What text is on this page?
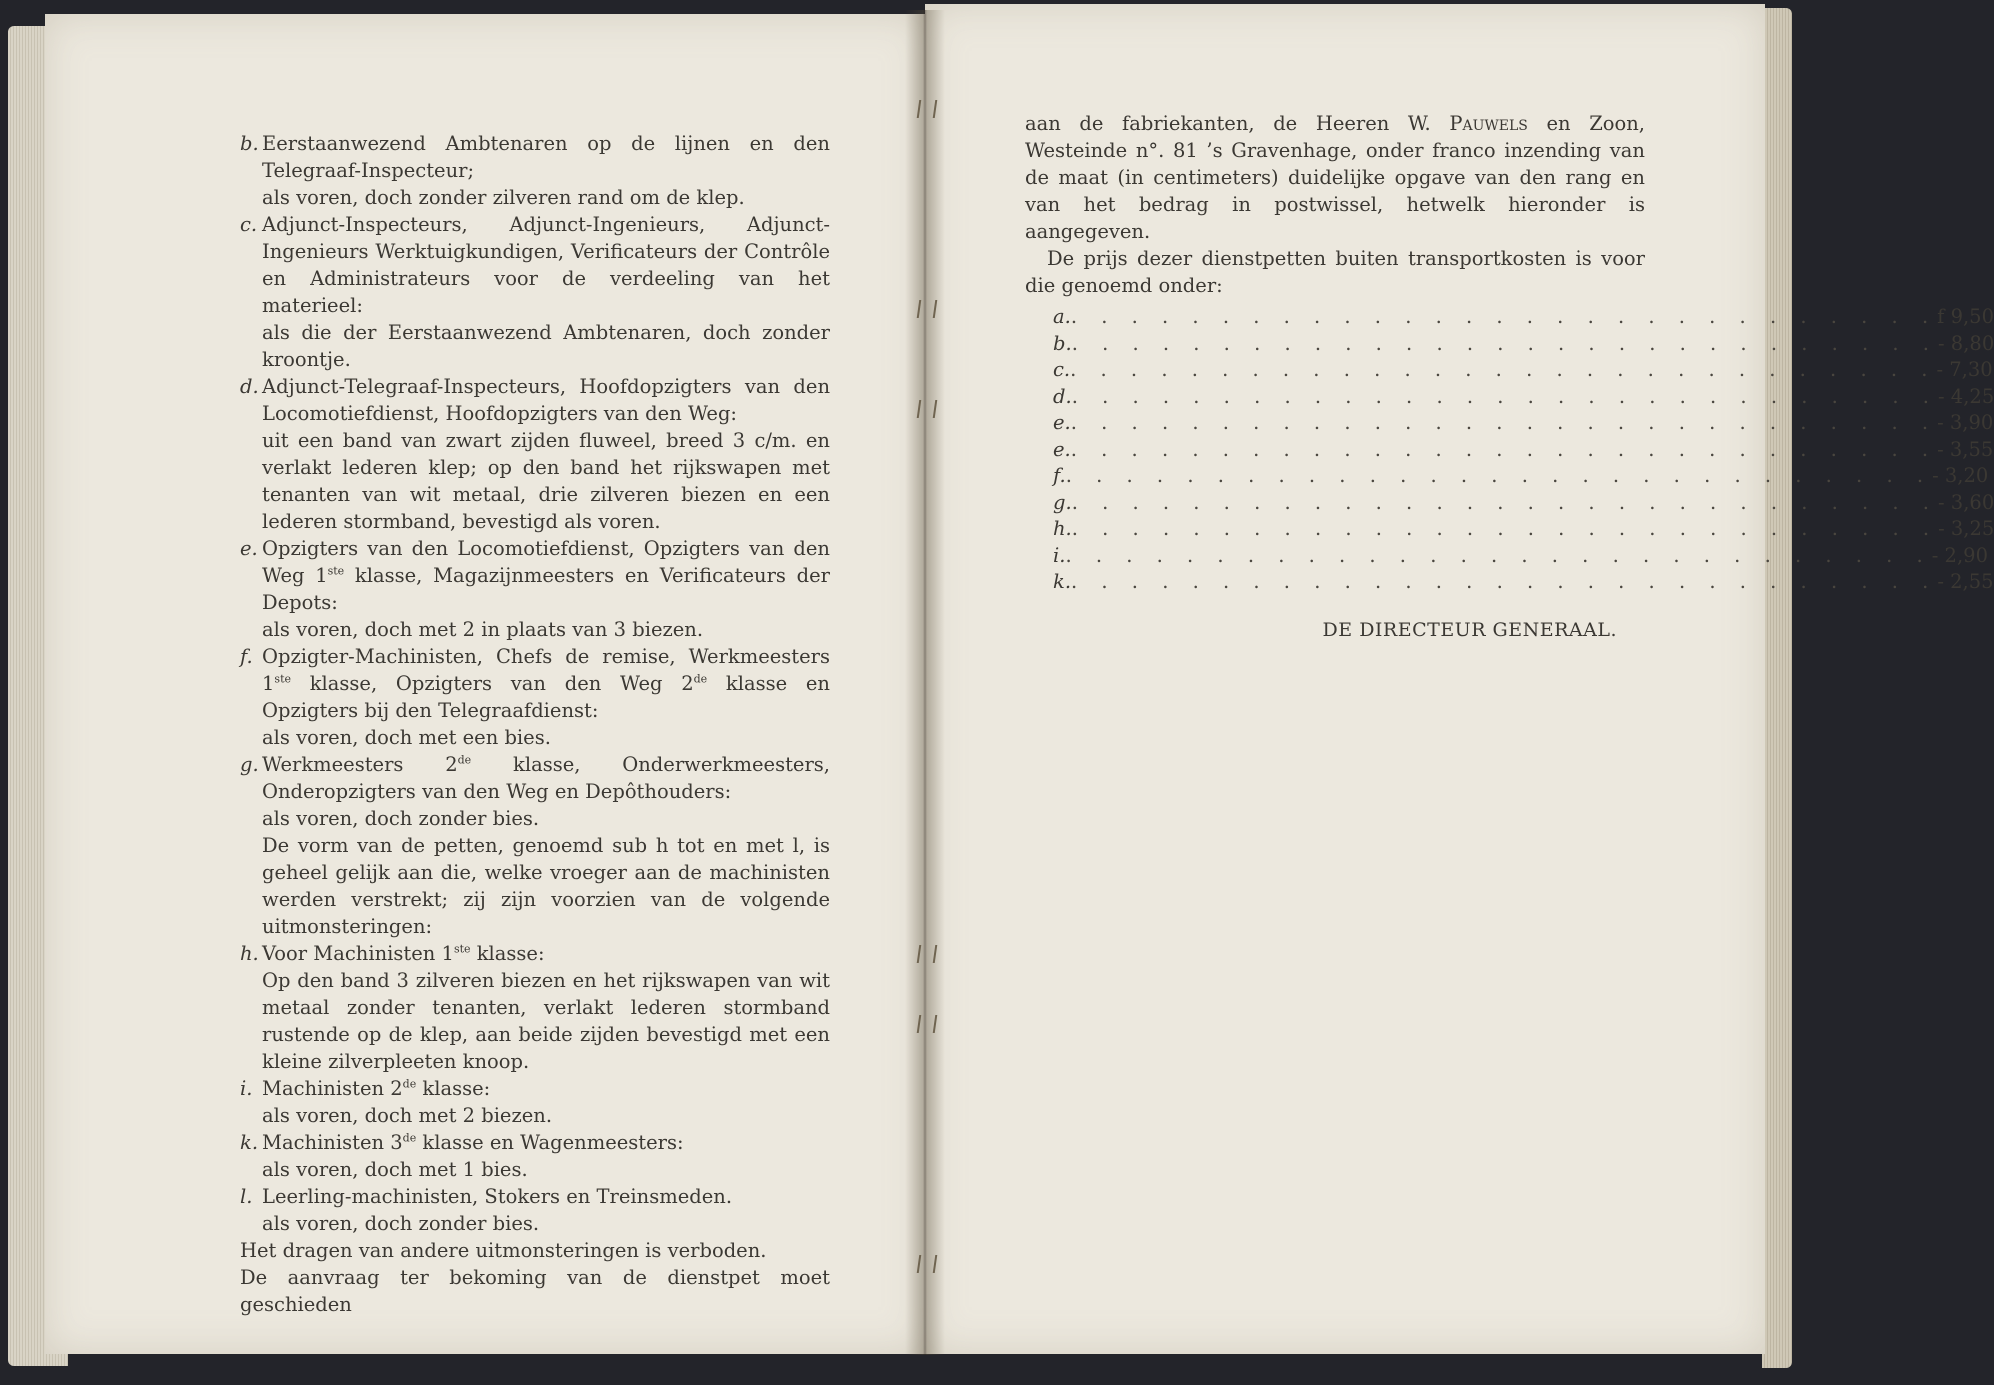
b. Eerstaanwezend Ambtenaren op de lijnen en den Telegraaf-Inspecteur;
als voren, doch zonder zilveren rand om de klep.
c. Adjunct-Inspecteurs, Adjunct-Ingenieurs, Adjunct-Ingenieurs Werktuigkundigen, Verificateurs der Contrôle en Administrateurs voor de verdeeling van het materieel:
als die der Eerstaanwezend Ambtenaren, doch zonder kroontje.
d. Adjunct-Telegraaf-Inspecteurs, Hoofdopzigters van den Locomotiefdienst, Hoofdopzigters van den Weg:
uit een band van zwart zijden fluweel, breed 3 c/m. en verlakt lederen klep; op den band het rijkswapen met tenanten van wit metaal, drie zilveren biezen en een lederen stormband, bevestigd als voren.
e. Opzigters van den Locomotiefdienst, Opzigters van den Weg 1ste klasse, Magazijnmeesters en Verificateurs der Depots:
als voren, doch met 2 in plaats van 3 biezen.
f. Opzigter-Machinisten, Chefs de remise, Werkmeesters 1ste klasse, Opzigters van den Weg 2de klasse en Opzigters bij den Telegraafdienst:
als voren, doch met een bies.
g. Werkmeesters 2de klasse, Onderwerkmeesters, Onderopzigters van den Weg en Depôthouders:
als voren, doch zonder bies.
De vorm van de petten, genoemd sub h tot en met l, is geheel gelijk aan die, welke vroeger aan de machinisten werden verstrekt; zij zijn voorzien van de volgende uitmonsteringen:
h. Voor Machinisten 1ste klasse:
Op den band 3 zilveren biezen en het rijkswapen van wit metaal zonder tenanten, verlakt lederen stormband rustende op de klep, aan beide zijden bevestigd met een kleine zilverpleeten knoop.
i. Machinisten 2de klasse:
als voren, doch met 2 biezen.
k. Machinisten 3de klasse en Wagenmeesters:
als voren, doch met 1 bies.
l. Leerling-machinisten, Stokers en Treinsmeden.
als voren, doch zonder bies.
Het dragen van andere uitmonsteringen is verboden.
De aanvraag ter bekoming van de dienstpet moet geschieden
aan de fabriekanten, de Heeren W. Pauwels en Zoon, Westeinde n°. 81 ’s Gravenhage, onder franco inzending van de maat (in centimeters) duidelijke opgave van den rang en van het bedrag in postwissel, hetwelk hieronder is aangegeven.
De prijs dezer dienstpetten buiten transportkosten is voor die genoemd onder:
a. . . . . . . . . . . . . . . . . . . . . . . . . . . . . . f 9,50
b. . . . . . . . . . . . . . . . . . . . . . . . . . . . . . - 8,80
c. . . . . . . . . . . . . . . . . . . . . . . . . . . . . . - 7,30
d. . . . . . . . . . . . . . . . . . . . . . . . . . . . . . - 4,25
e. . . . . . . . . . . . . . . . . . . . . . . . . . . . . . - 3,90
e. . . . . . . . . . . . . . . . . . . . . . . . . . . . . . - 3,55
f. . . . . . . . . . . . . . . . . . . . . . . . . . . . . . - 3,20
g. . . . . . . . . . . . . . . . . . . . . . . . . . . . . . - 3,60
h. . . . . . . . . . . . . . . . . . . . . . . . . . . . . . - 3,25
i. . . . . . . . . . . . . . . . . . . . . . . . . . . . . . - 2,90
k. . . . . . . . . . . . . . . . . . . . . . . . . . . . . . - 2,55
DE DIRECTEUR GENERAAL.
